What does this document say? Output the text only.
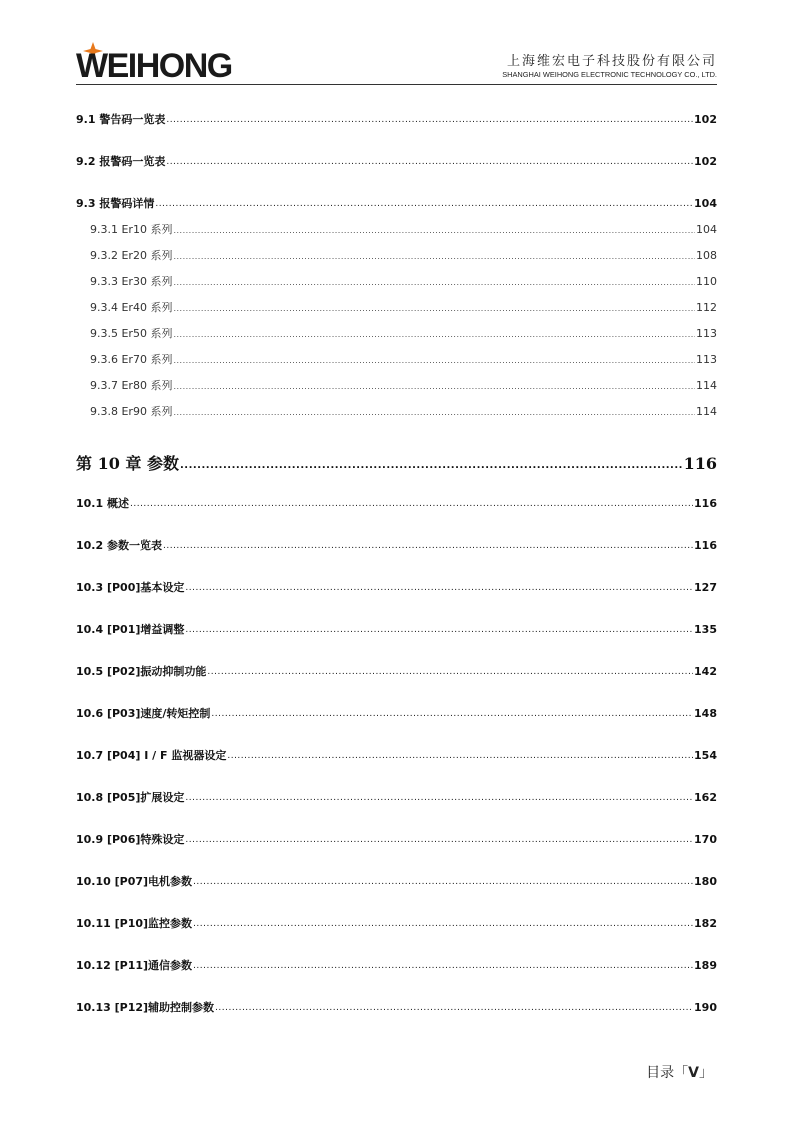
WEIHONG	上海维宏电子科技股份有限公司
SHANGHAI WEIHONG ELECTRONIC TECHNOLOGY CO., LTD.
9.1 警告码一览表 .....	102
9.2 报警码一览表 .....	102
9.3 报警码详情 .....	104
9.3.1 Er10 系列 .....	104
9.3.2 Er20 系列 .....	108
9.3.3 Er30 系列 .....	110
9.3.4 Er40 系列 .....	112
9.3.5 Er50 系列 .....	113
9.3.6 Er70 系列 .....	113
9.3.7 Er80 系列 .....	114
9.3.8 Er90 系列 .....	114
第 10 章 参数 .....	116
10.1 概述 .....	116
10.2 参数一览表 .....	116
10.3 [P00]基本设定 .....	127
10.4 [P01]增益调整 .....	135
10.5 [P02]振动抑制功能 .....	142
10.6 [P03]速度/转矩控制 .....	148
10.7 [P04] I / F 监视器设定 .....	154
10.8 [P05]扩展设定 .....	162
10.9 [P06]特殊设定 .....	170
10.10 [P07]电机参数 .....	180
10.11 [P10]监控参数 .....	182
10.12 [P11]通信参数 .....	189
10.13 [P12]辅助控制参数 .....	190
目录「V」
